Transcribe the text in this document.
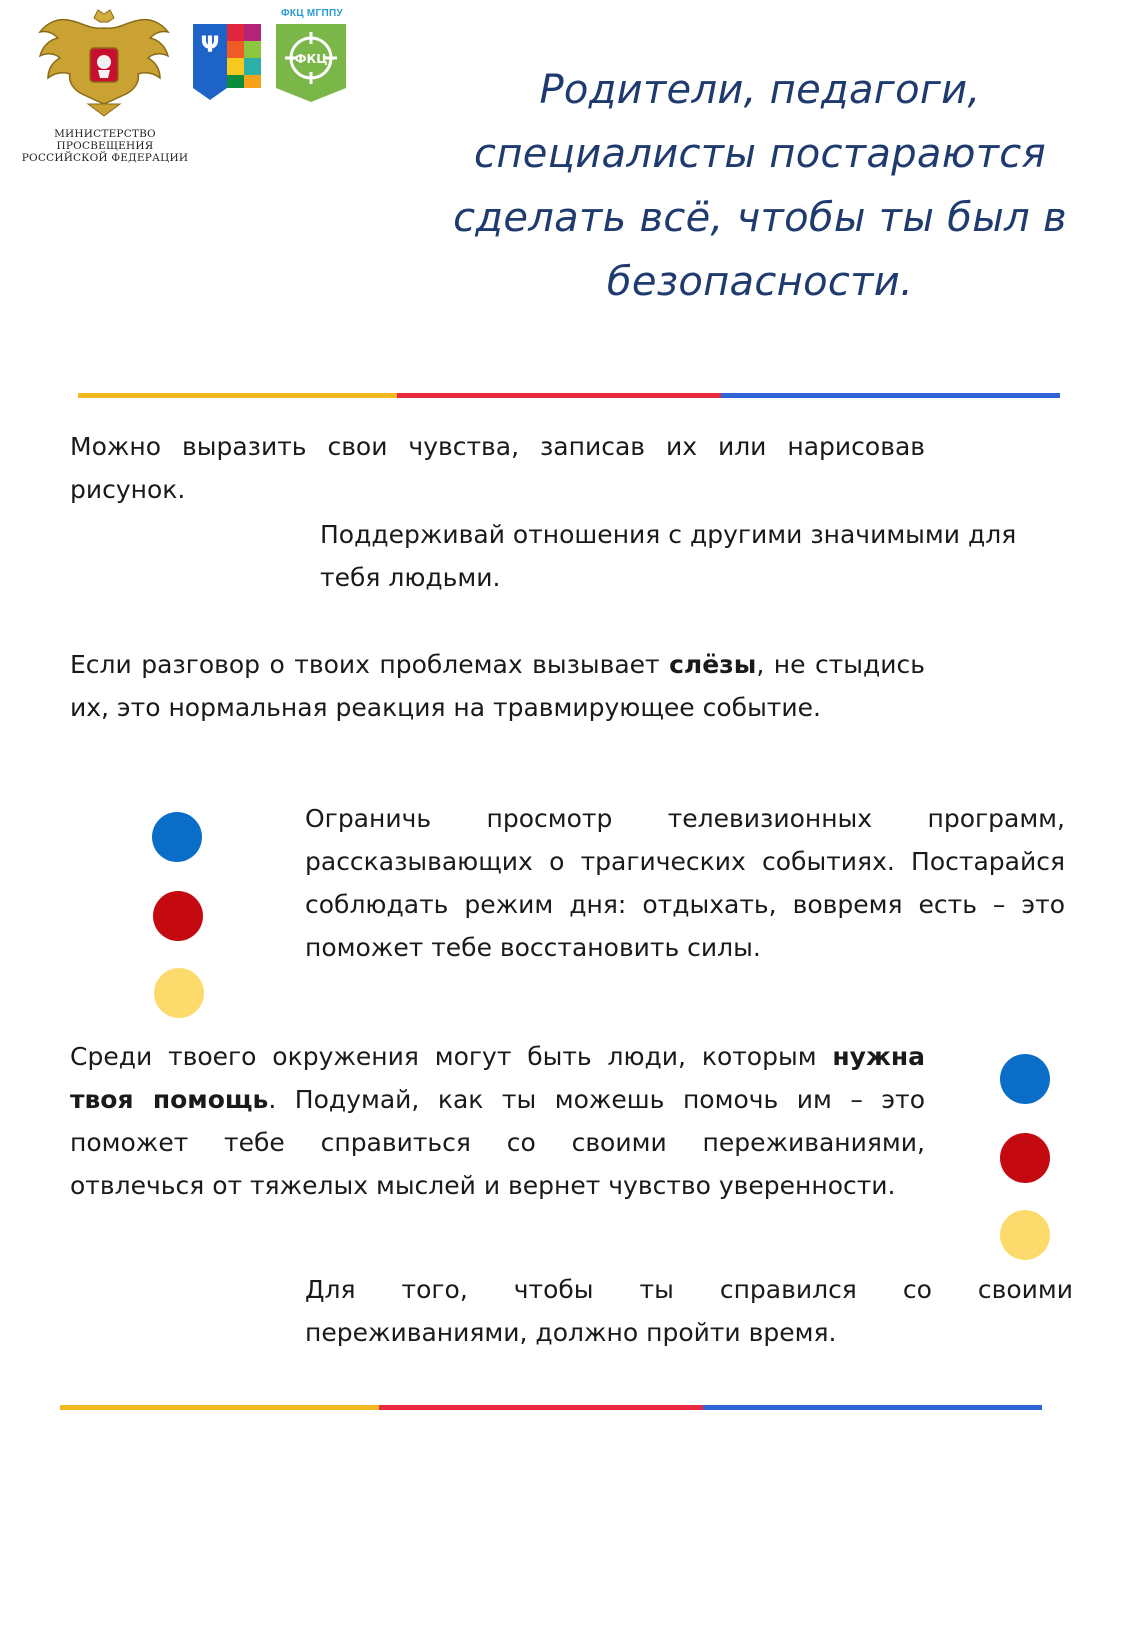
МИНИСТЕРСТВО ПРОСВЕЩЕНИЯ
РОССИЙСКОЙ ФЕДЕРАЦИИ
Ψ
ФКЦ МГППУ
ФКЦ
Родители, педагоги,
специалисты постараются
сделать всё, чтобы ты был в
безопасности.
Можно выразить свои чувства, записав их или нарисовав рисунок.
Поддерживай отношения с другими значимыми для тебя людьми.
Если разговор о твоих проблемах вызывает слёзы, не стыдись их, это нормальная реакция на травмирующее событие.
Ограничь просмотр телевизионных программ, рассказывающих о трагических событиях. Постарайся соблюдать режим дня: отдыхать, вовремя есть – это поможет тебе восстановить силы.
Среди твоего окружения могут быть люди, которым нужна твоя помощь. Подумай, как ты можешь помочь им – это поможет тебе справиться со своими переживаниями, отвлечься от тяжелых мыслей и вернет чувство уверенности.
Для того, чтобы ты справился со своими переживаниями, должно пройти время.
